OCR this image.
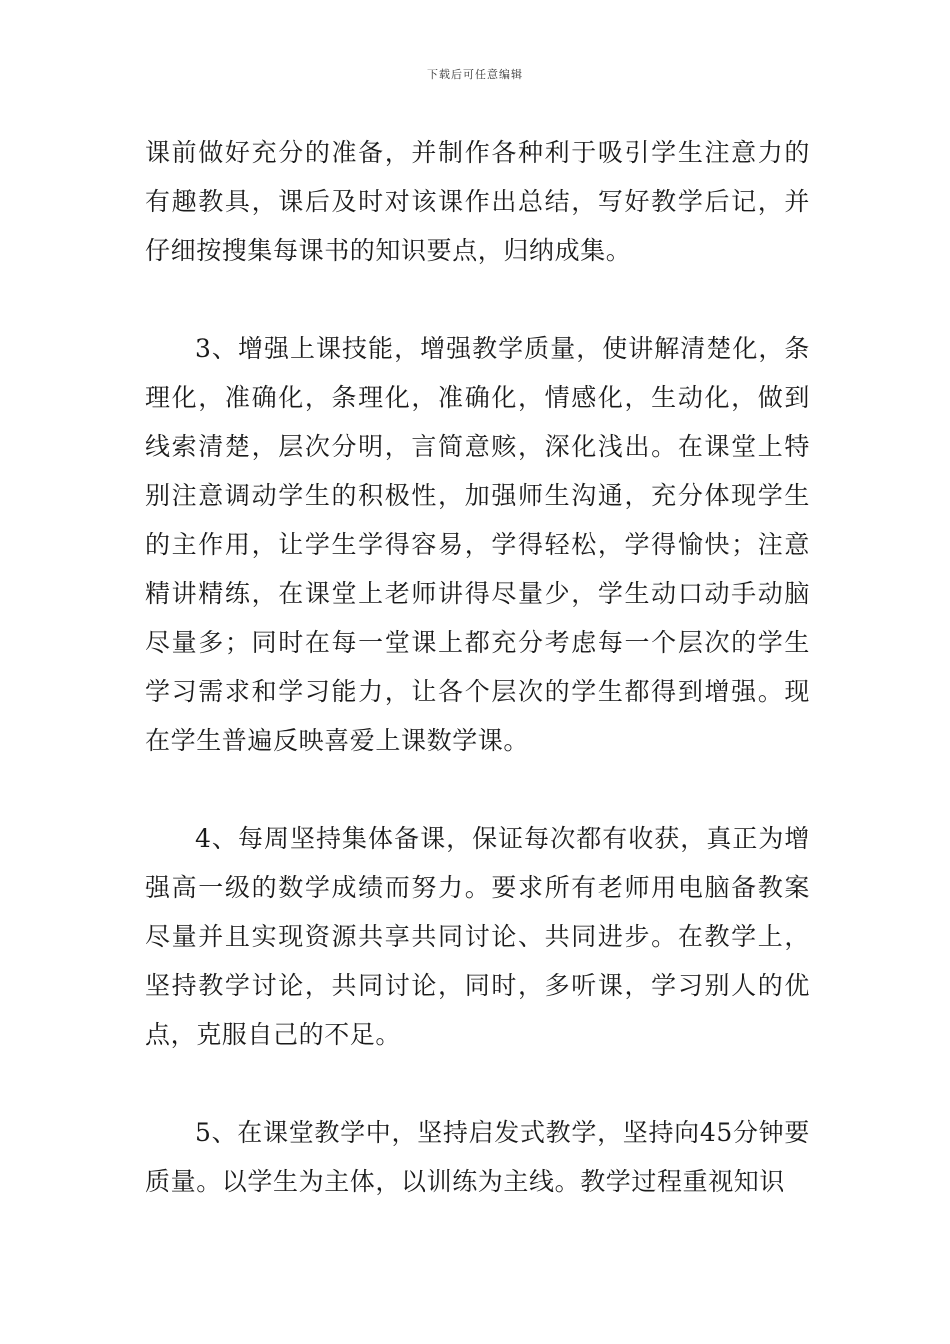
下载后可任意编辑

课前做好充分的准备，并制作各种利于吸引学生注意力的有趣教具，课后及时对该课作出总结，写好教学后记，并仔细按搜集每课书的知识要点，归纳成集。

3、增强上课技能，增强教学质量，使讲解清楚化，条理化，准确化，条理化，准确化，情感化，生动化，做到线索清楚，层次分明，言简意赅，深化浅出。在课堂上特别注意调动学生的积极性，加强师生沟通，充分体现学生的主作用，让学生学得容易，学得轻松，学得愉快；注意精讲精练，在课堂上老师讲得尽量少，学生动口动手动脑尽量多；同时在每一堂课上都充分考虑每一个层次的学生学习需求和学习能力，让各个层次的学生都得到增强。现在学生普遍反映喜爱上课数学课。

4、每周坚持集体备课，保证每次都有收获，真正为增强高一级的数学成绩而努力。要求所有老师用电脑备教案尽量并且实现资源共享共同讨论、共同进步。在教学上，坚持教学讨论，共同讨论，同时，多听课，学习别人的优点，克服自己的不足。

5、在课堂教学中，坚持启发式教学，坚持向45分钟要质量。以学生为主体，以训练为主线。教学过程重视知识
